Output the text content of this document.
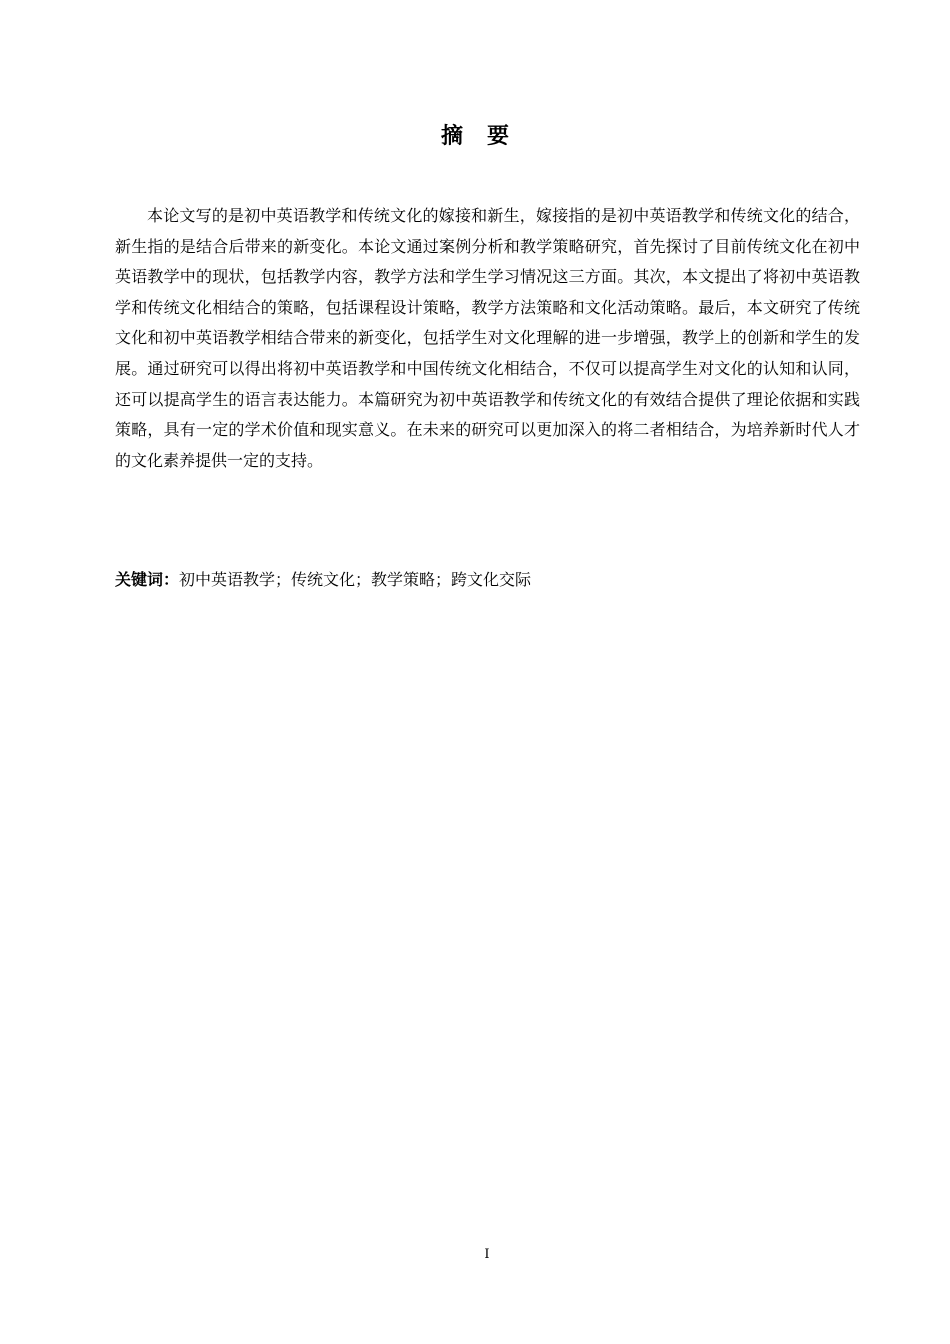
摘要

本论文写的是初中英语教学和传统文化的嫁接和新生，嫁接指的是初中英语教学和传统文化的结合，新生指的是结合后带来的新变化。本论文通过案例分析和教学策略研究，首先探讨了目前传统文化在初中英语教学中的现状，包括教学内容，教学方法和学生学习情况这三方面。其次，本文提出了将初中英语教学和传统文化相结合的策略，包括课程设计策略，教学方法策略和文化活动策略。最后，本文研究了传统文化和初中英语教学相结合带来的新变化，包括学生对文化理解的进一步增强，教学上的创新和学生的发展。通过研究可以得出将初中英语教学和中国传统文化相结合，不仅可以提高学生对文化的认知和认同，还可以提高学生的语言表达能力。本篇研究为初中英语教学和传统文化的有效结合提供了理论依据和实践策略，具有一定的学术价值和现实意义。在未来的研究可以更加深入的将二者相结合，为培养新时代人才的文化素养提供一定的支持。

关键词：初中英语教学；传统文化；教学策略；跨文化交际

I
